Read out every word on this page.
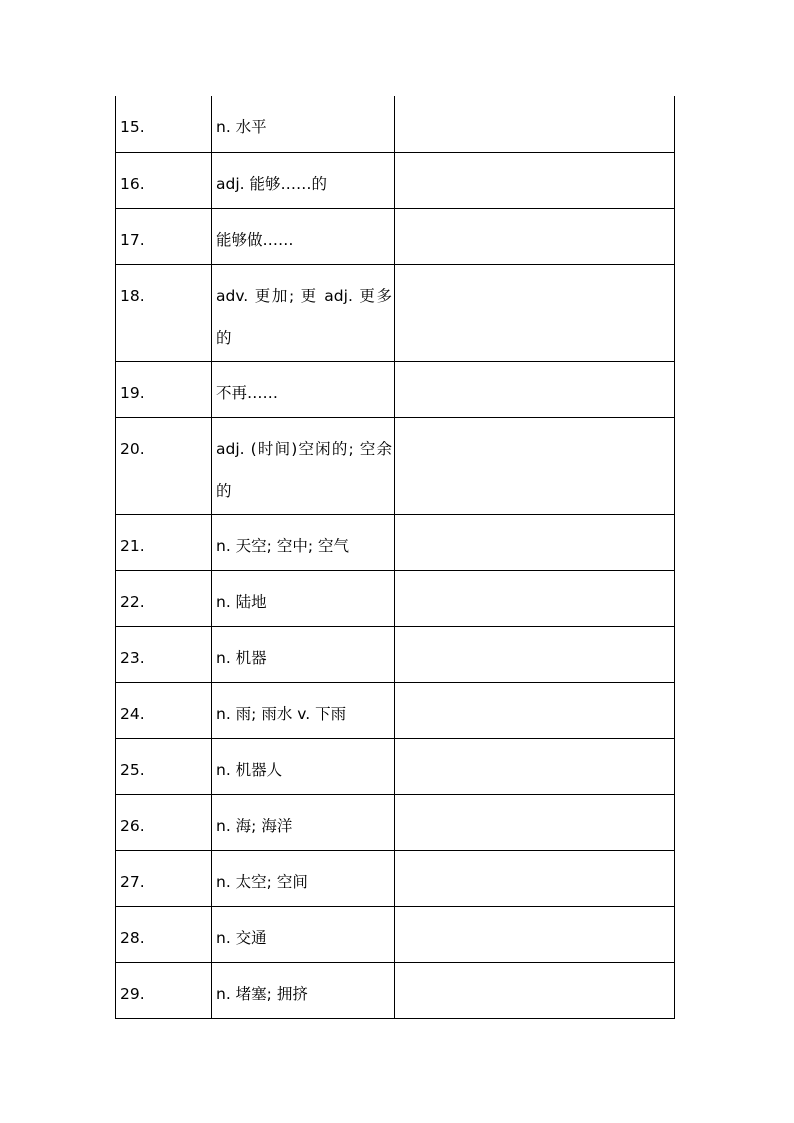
15.	n. 水平	
16.	adj. 能够……的	
17.	能够做……	
18.	adv. 更加; 更 adj. 更多的	
19.	不再……	
20.	adj. (时间)空闲的; 空余的	
21.	n. 天空; 空中; 空气	
22.	n. 陆地	
23.	n. 机器	
24.	n. 雨; 雨水 v. 下雨	
25.	n. 机器人	
26.	n. 海; 海洋	
27.	n. 太空; 空间	
28.	n. 交通	
29.	n. 堵塞; 拥挤	
